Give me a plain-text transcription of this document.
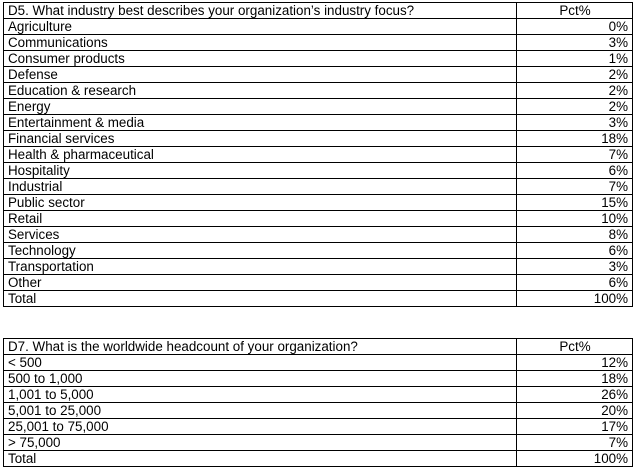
D5. What industry best describes your organization’s industry focus?	Pct%
Agriculture	0%
Communications	3%
Consumer products	1%
Defense	2%
Education & research	2%
Energy	2%
Entertainment & media	3%
Financial services	18%
Health & pharmaceutical	7%
Hospitality	6%
Industrial	7%
Public sector	15%
Retail	10%
Services	8%
Technology	6%
Transportation	3%
Other	6%
Total	100%
D7. What is the worldwide headcount of your organization?	Pct%
< 500	12%
500 to 1,000	18%
1,001 to 5,000	26%
5,001 to 25,000	20%
25,001 to 75,000	17%
> 75,000	7%
Total	100%
